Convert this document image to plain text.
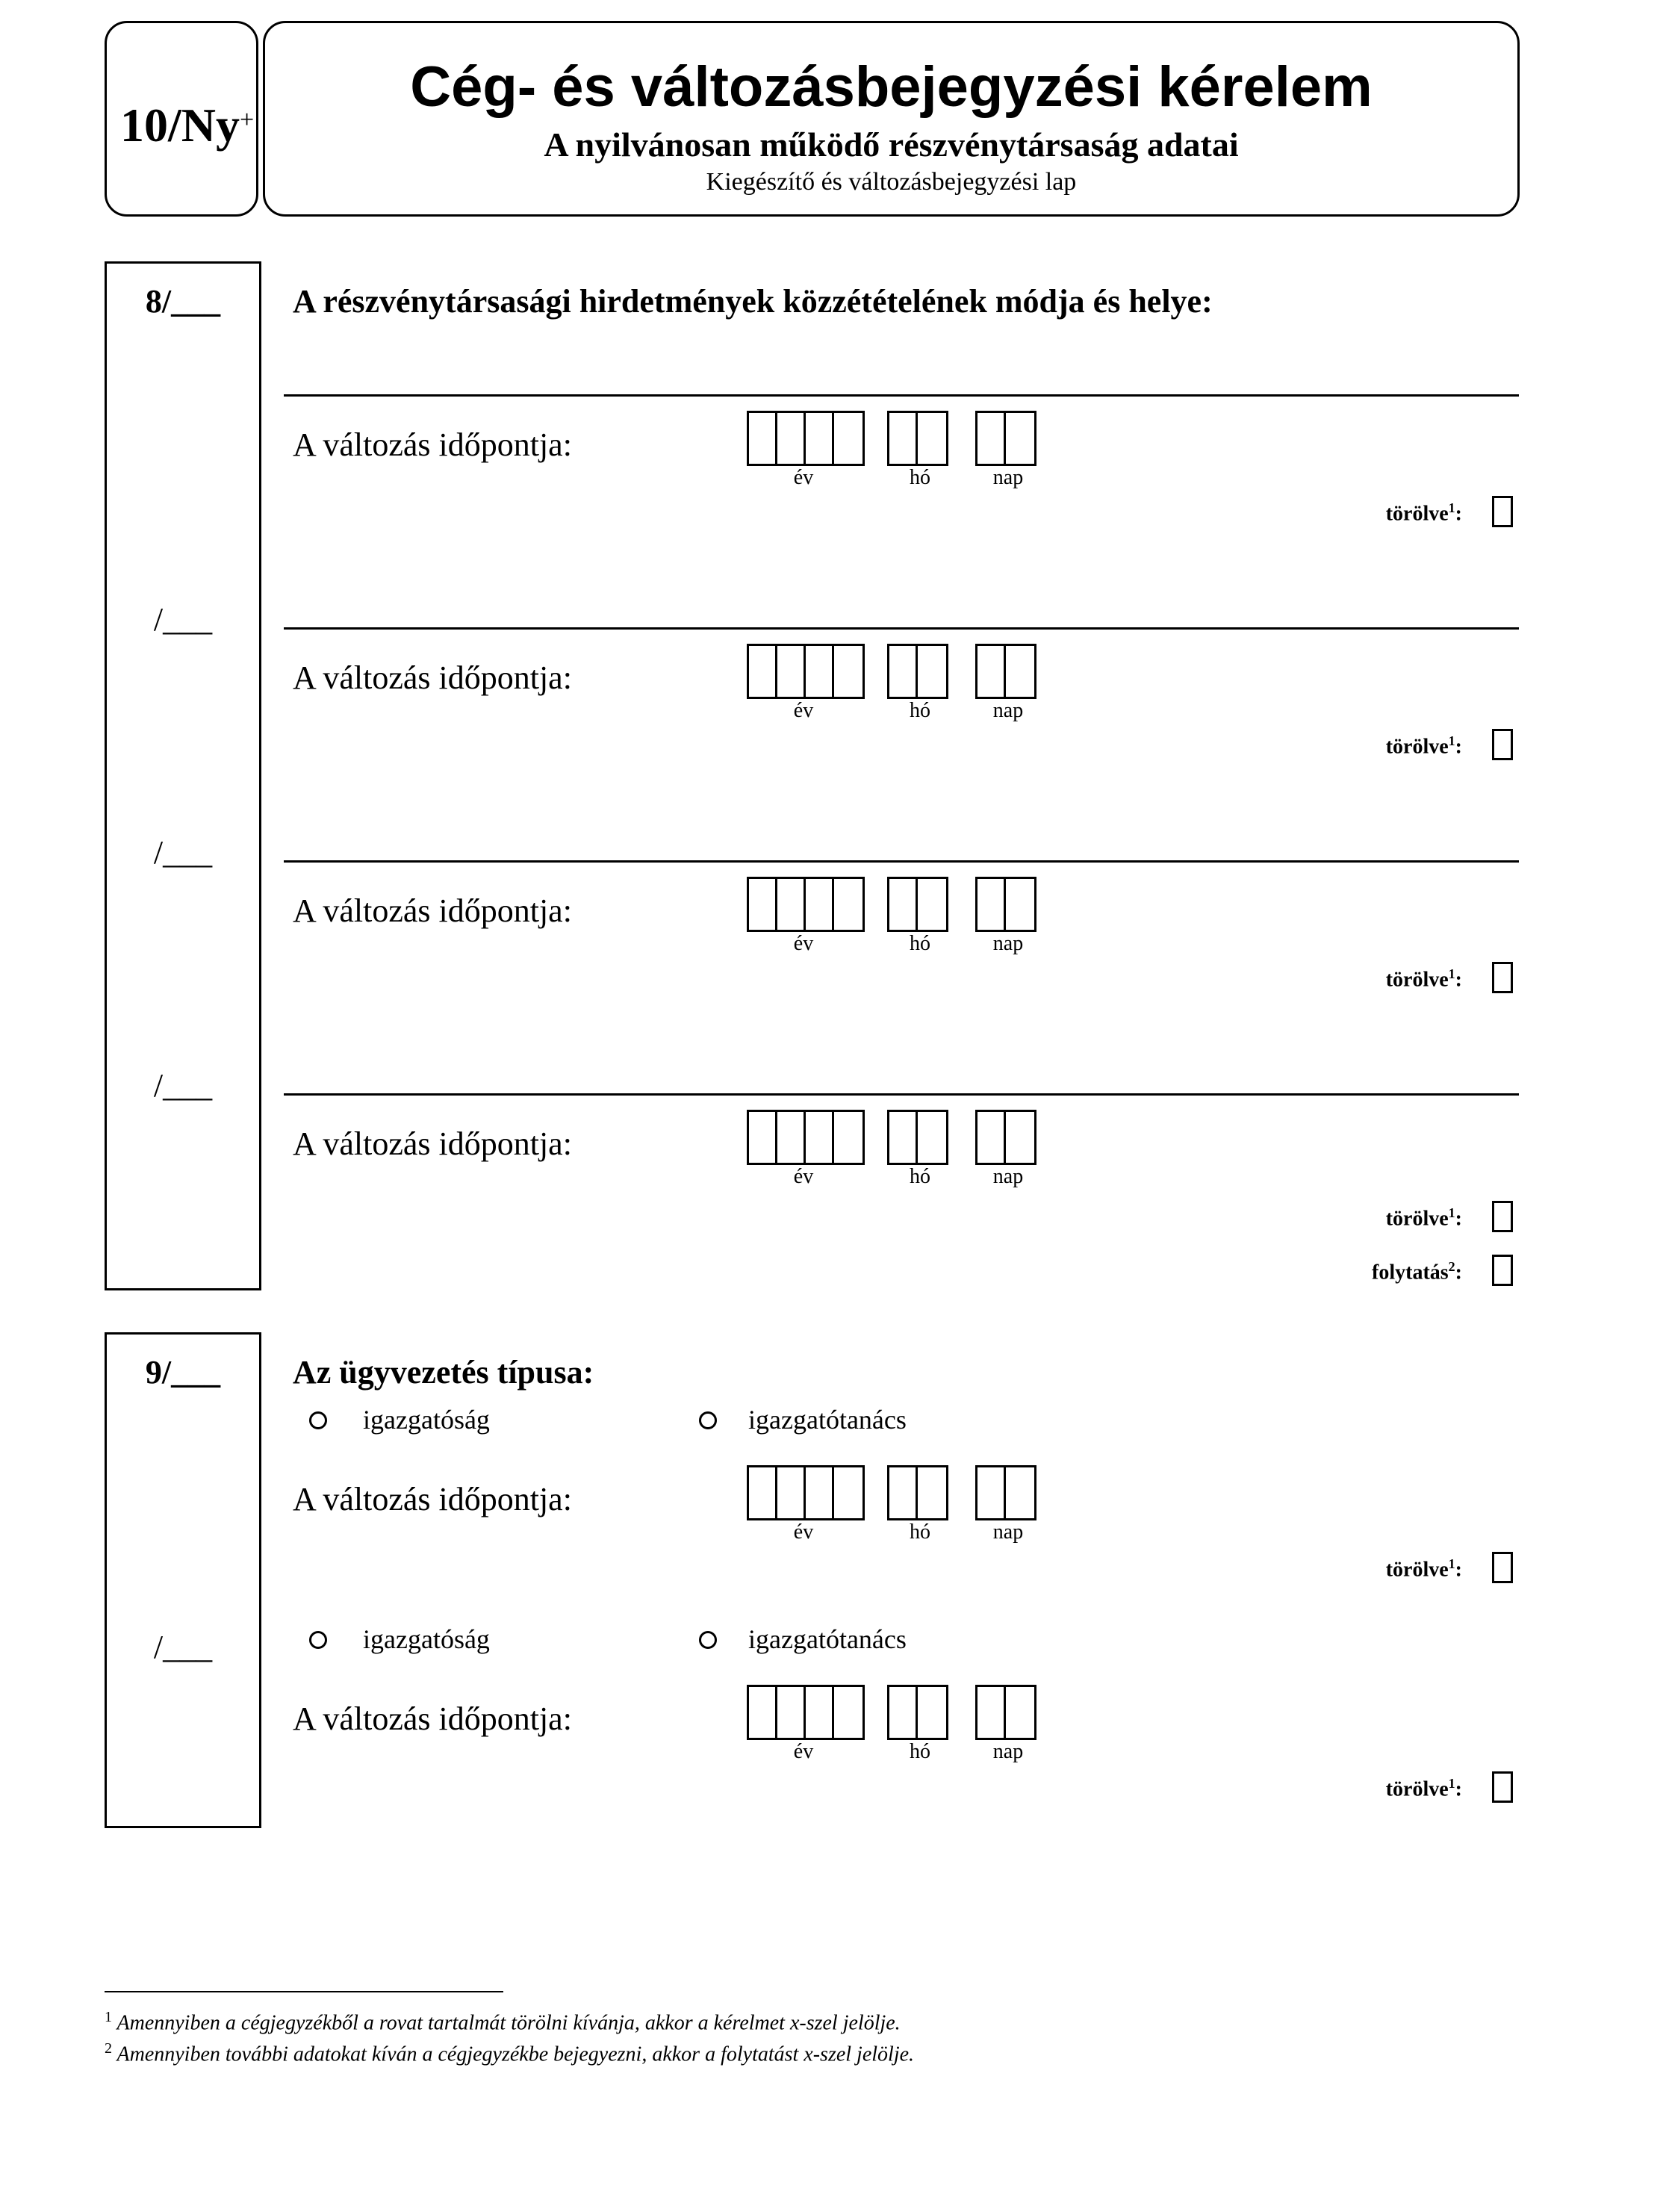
10/Ny+
Cég- és változásbejegyzési kérelem
A nyilvánosan működő részvénytársaság adatai
Kiegészítő és változásbejegyzési lap
8/___	A részvénytársasági hirdetmények közzétételének módja és helye:
A változás időpontja:
év	hó	nap
törölve$^1$:
/___
A változás időpontja:
év	hó	nap
törölve$^1$:
/___
A változás időpontja:
év	hó	nap
törölve$^1$:
/___
A változás időpontja:
év	hó	nap
törölve$^1$:
folytatás$^2$:
9/___	Az ügyvezetés típusa:
igazgatóság	igazgatótanács
A változás időpontja:
év	hó	nap
törölve$^1$:
/___	igazgatóság	igazgatótanács
A változás időpontja:
év	hó	nap
törölve$^1$:
$^1$ Amennyiben a cégjegyzékből a rovat tartalmát törölni kívánja, akkor a kérelmet x-szel jelölje.
$^2$ Amennyiben további adatokat kíván a cégjegyzékbe bejegyezni, akkor a folytatást x-szel jelölje.
